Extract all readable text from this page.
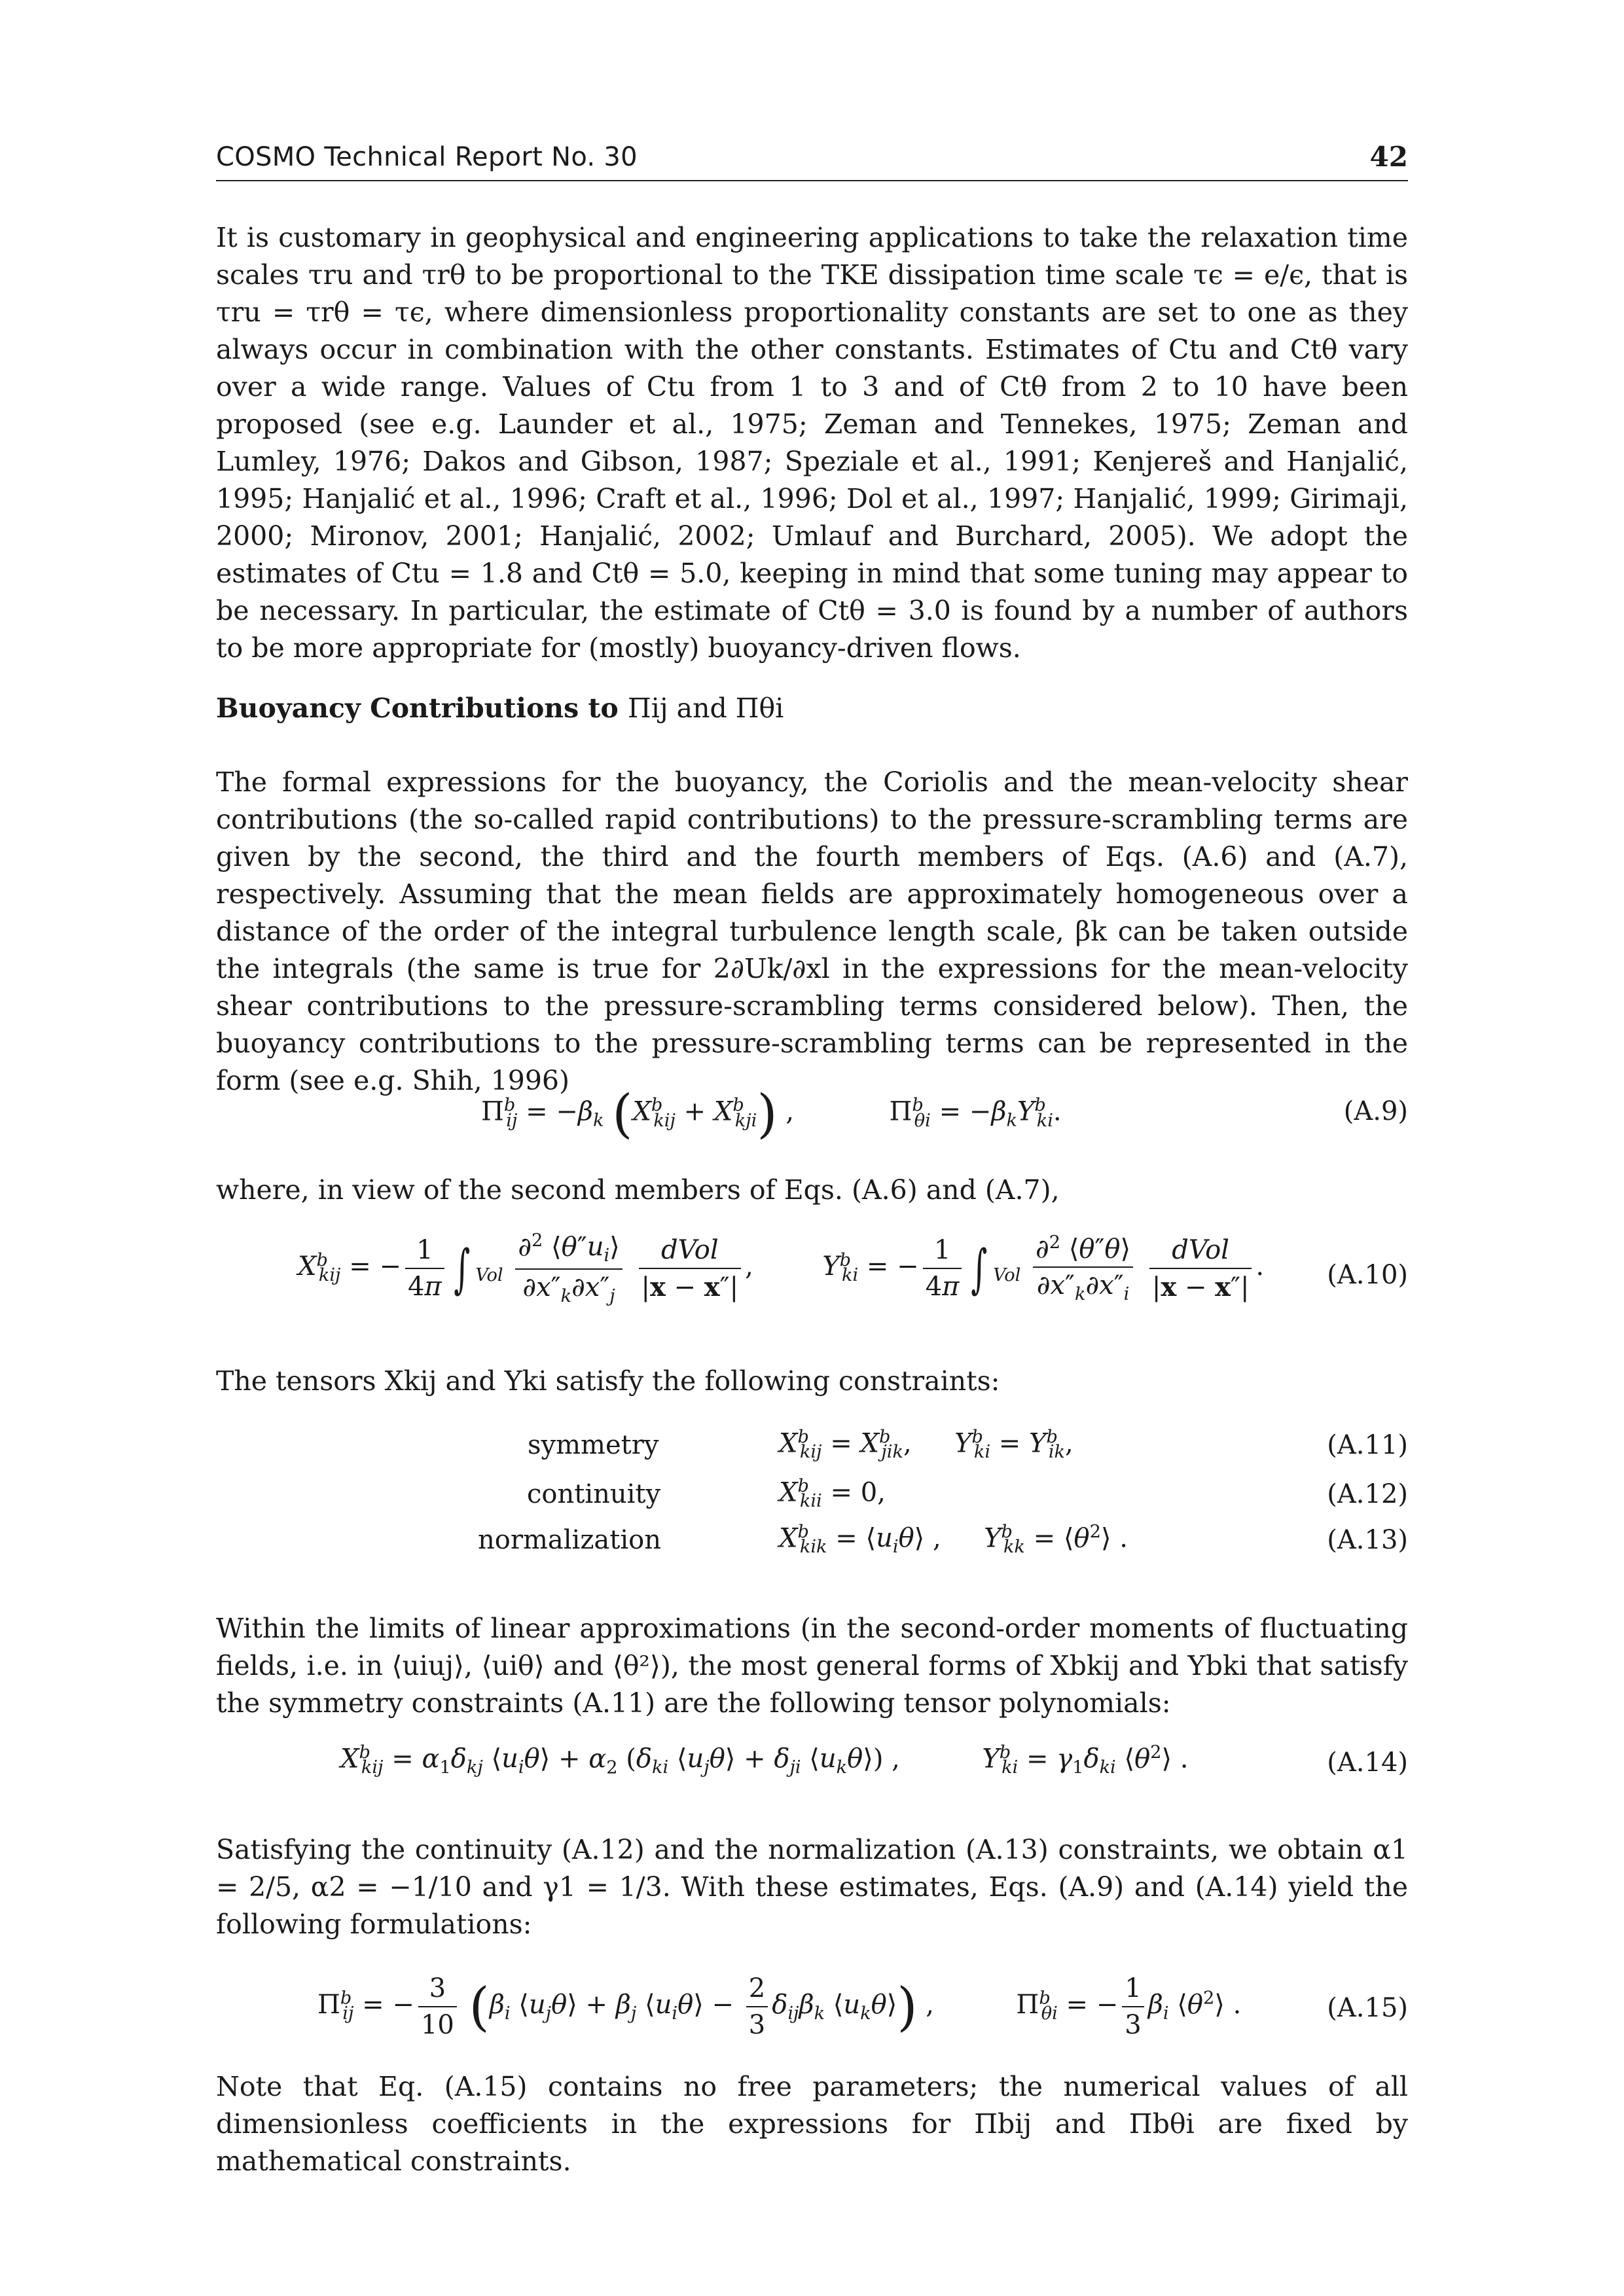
COSMO Technical Report No. 30	42

It is customary in geophysical and engineering applications to take the relaxation time scales τru and τrθ to be proportional to the TKE dissipation time scale τϵ = e/ϵ, that is τru = τrθ = τϵ, where dimensionless proportionality constants are set to one as they always occur in combination with the other constants. Estimates of Ctu and Ctθ vary over a wide range. Values of Ctu from 1 to 3 and of Ctθ from 2 to 10 have been proposed (see e.g. Launder et al., 1975; Zeman and Tennekes, 1975; Zeman and Lumley, 1976; Dakos and Gibson, 1987; Speziale et al., 1991; Kenjereš and Hanjalić, 1995; Hanjalić et al., 1996; Craft et al., 1996; Dol et al., 1997; Hanjalić, 1999; Girimaji, 2000; Mironov, 2001; Hanjalić, 2002; Umlauf and Burchard, 2005). We adopt the estimates of Ctu = 1.8 and Ctθ = 5.0, keeping in mind that some tuning may appear to be necessary. In particular, the estimate of Ctθ = 3.0 is found by a number of authors to be more appropriate for (mostly) buoyancy-driven flows.

Buoyancy Contributions to Πij and Πθi

The formal expressions for the buoyancy, the Coriolis and the mean-velocity shear contributions (the so-called rapid contributions) to the pressure-scrambling terms are given by the second, the third and the fourth members of Eqs. (A.6) and (A.7), respectively. Assuming that the mean fields are approximately homogeneous over a distance of the order of the integral turbulence length scale, βk can be taken outside the integrals (the same is true for 2∂Uk/∂xl in the expressions for the mean-velocity shear contributions to the pressure-scrambling terms considered below). Then, the buoyancy contributions to the pressure-scrambling terms can be represented in the form (see e.g. Shih, 1996)

$\Pi^b_{ij} = -\beta_k$ $(X^b_{kij} + X^b_{kji})$ ,	$\Pi^b_{\theta i} = -\beta_kY^b_{ki}$.	(A.9)

where, in view of the second members of Eqs. (A.6) and (A.7),

$X^b_{kij}$ = − $\frac{1}{4\pi}$ ∫ $_{Vol} \frac{\partial^2 ⟨\theta''u_i⟩}{\partial x''_k\partial x''_j}$
$\frac{\text{dVol}}{|x - x''|}$ ,  $Y^b_{ki}$ = − $\frac{1}{4\pi}$ ∫ $_{Vol} \frac{\partial^2 ⟨\theta''\theta⟩}{\partial x''_k\partial x''_i}$
$\frac{\text{dVol}}{|x - x''|}$ . (A.10)

The tensors Xkij and Yki satisfy the following constraints:

symmetry	$X^b_{kij} = X^b_{jik}$,  $Y^b_{ki} = Y^b_{ik}$,	(A.11)
continuity	$X^b_{kii} = 0$,	(A.12)
normalization	$X^b_{kik}$ = $⟨u_i\theta⟩$ ,  $Y^b_{kk}$ = $⟨\theta^2⟩$ .	(A.13)

Within the limits of linear approximations (in the second-order moments of fluctuating fields, i.e. in ⟨uiuj⟩, ⟨uiθ⟩ and ⟨θ²⟩), the most general forms of Xbkij and Ybki that satisfy the symmetry constraints (A.11) are the following tensor polynomials:

$X^b_{kij} = \alpha_1\delta_{kj}$ $⟨u_i\theta⟩ + \alpha_2$ ($\delta_{ki}$ $⟨u_j\theta⟩ + \delta_{ji}$ $⟨u_k\theta⟩$) ,	$Y^b_{ki} = \gamma_1\delta_{ki}$ $⟨\theta^2⟩$ .	(A.14)

Satisfying the continuity (A.12) and the normalization (A.13) constraints, we obtain α1 = 2/5, α2 = −1/10 and γ1 = 1/3. With these estimates, Eqs. (A.9) and (A.14) yield the following formulations:

$\Pi^b_{ij}$ = − $\frac{3}{10} (\beta_i$ $⟨u_j\theta⟩ + \beta_j$ $⟨u_i\theta⟩ - \frac{2}{3} \delta_{ij}\beta_k$ $⟨u_k\theta⟩$) ,	$\Pi^b_{\theta i}$ = − $\frac{1}{3} \beta_i$ $⟨\theta^2⟩$ .	(A.15)

Note that Eq. (A.15) contains no free parameters; the numerical values of all dimensionless coefficients in the expressions for Πbij and Πbθi are fixed by mathematical constraints.
